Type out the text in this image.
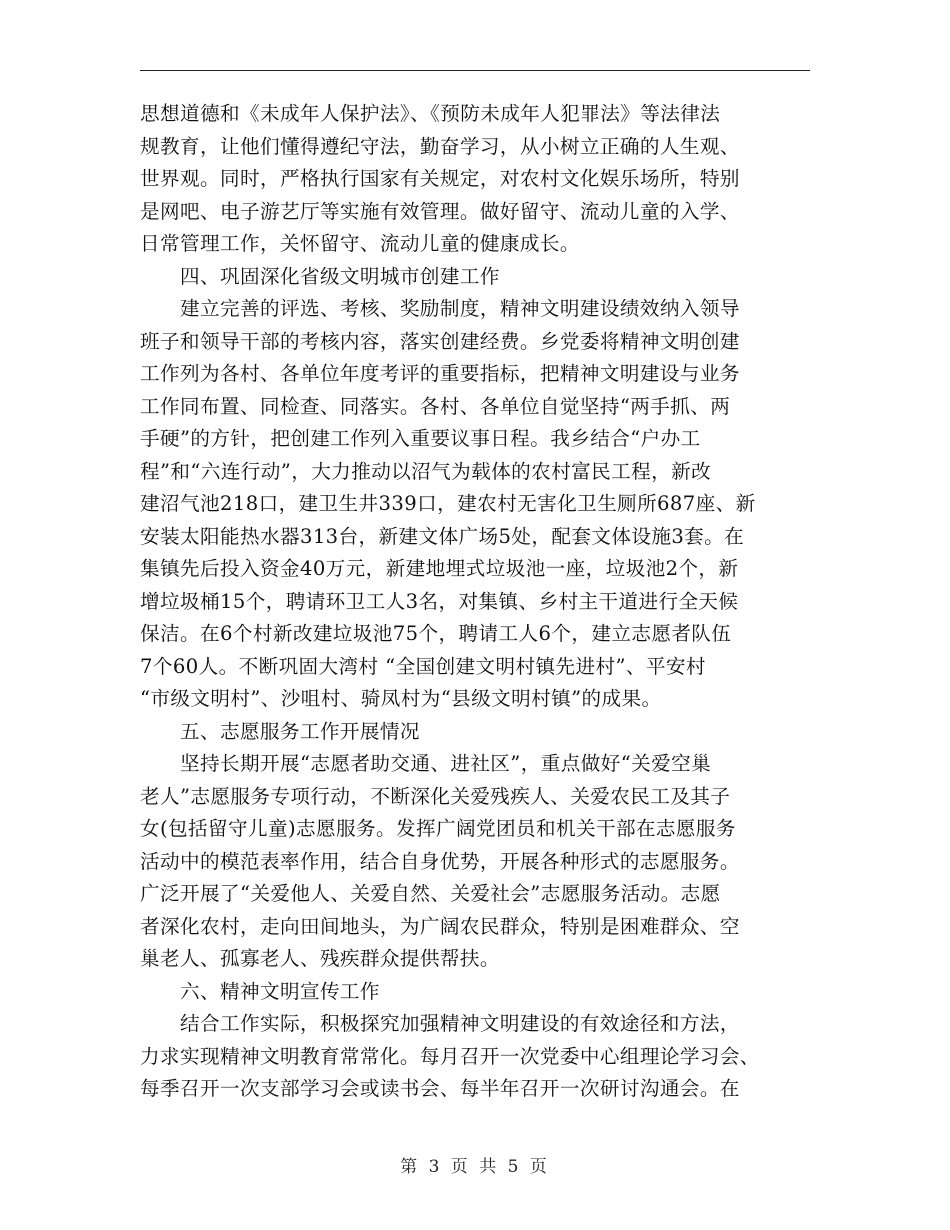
思想道德和《未成年人保护法》、《预防未成年人犯罪法》等法律法
规教育，让他们懂得遵纪守法，勤奋学习，从小树立正确的人生观、
世界观。同时，严格执行国家有关规定，对农村文化娱乐场所，特别
是网吧、电子游艺厅等实施有效管理。做好留守、流动儿童的入学、
日常管理工作，关怀留守、流动儿童的健康成长。
　　四、巩固深化省级文明城市创建工作
　　建立完善的评选、考核、奖励制度，精神文明建设绩效纳入领导
班子和领导干部的考核内容，落实创建经费。乡党委将精神文明创建
工作列为各村、各单位年度考评的重要指标，把精神文明建设与业务
工作同布置、同检查、同落实。各村、各单位自觉坚持“两手抓、两
手硬”的方针，把创建工作列入重要议事日程。我乡结合“户办工
程”和“六连行动”，大力推动以沼气为载体的农村富民工程，新改
建沼气池218口，建卫生井339口，建农村无害化卫生厕所687座、新
安装太阳能热水器313台，新建文体广场5处，配套文体设施3套。在
集镇先后投入资金40万元，新建地埋式垃圾池一座，垃圾池2个，新
增垃圾桶15个，聘请环卫工人3名，对集镇、乡村主干道进行全天候
保洁。在6个村新改建垃圾池75个，聘请工人6个，建立志愿者队伍
7个60人。不断巩固大湾村 “全国创建文明村镇先进村”、平安村
“市级文明村”、沙咀村、骑凤村为“县级文明村镇”的成果。
　　五、志愿服务工作开展情况
　　坚持长期开展“志愿者助交通、进社区”，重点做好“关爱空巢
老人”志愿服务专项行动，不断深化关爱残疾人、关爱农民工及其子
女(包括留守儿童)志愿服务。发挥广阔党团员和机关干部在志愿服务
活动中的模范表率作用，结合自身优势，开展各种形式的志愿服务。
广泛开展了“关爱他人、关爱自然、关爱社会”志愿服务活动。志愿
者深化农村，走向田间地头，为广阔农民群众，特别是困难群众、空
巢老人、孤寡老人、残疾群众提供帮扶。
　　六、精神文明宣传工作
　　结合工作实际，积极探究加强精神文明建设的有效途径和方法，
力求实现精神文明教育常常化。每月召开一次党委中心组理论学习会、
每季召开一次支部学习会或读书会、每半年召开一次研讨沟通会。在
第 3 页 共 5 页
